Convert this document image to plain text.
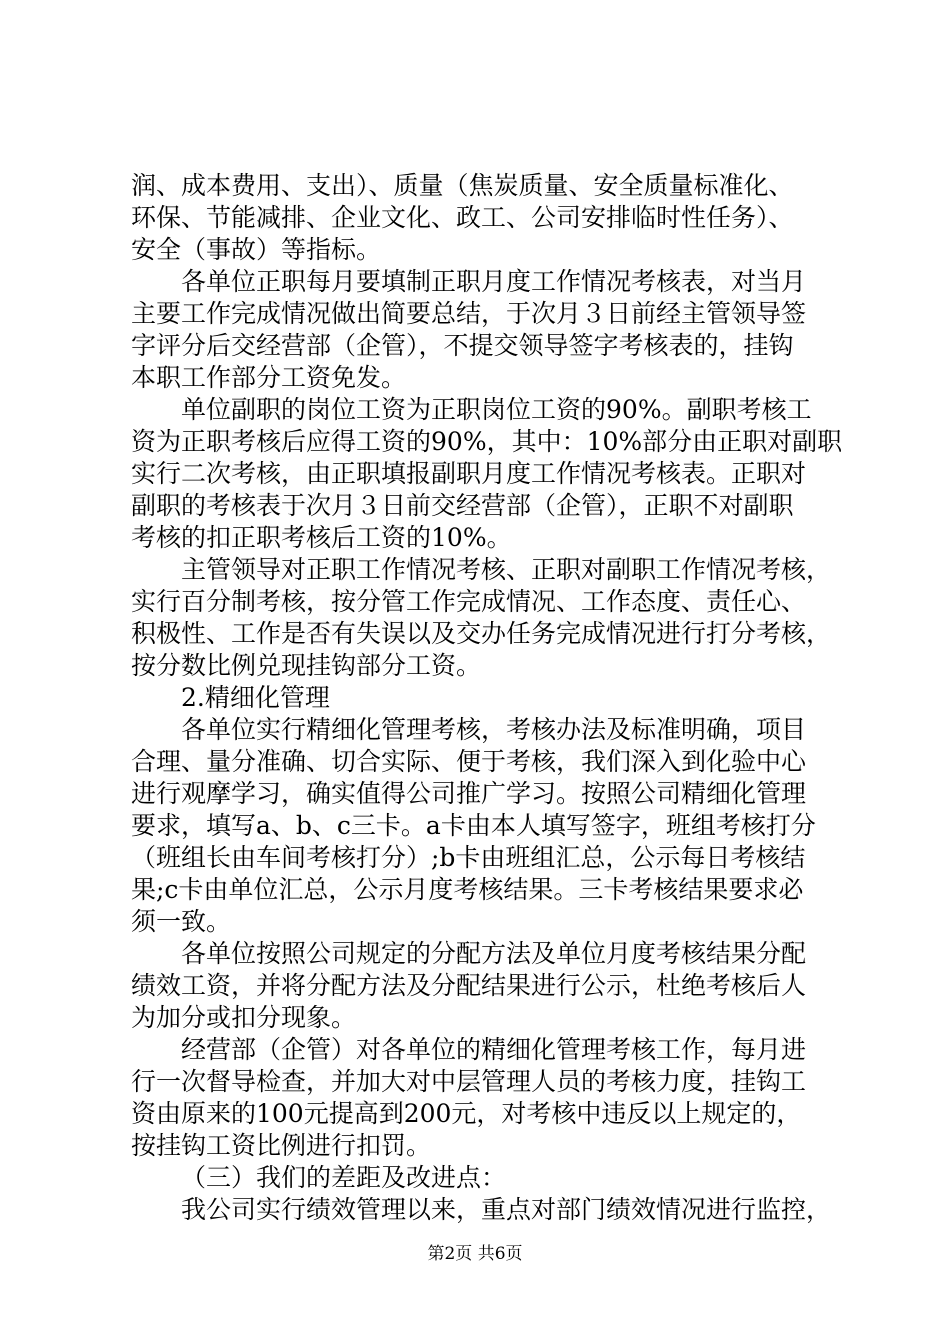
润、成本费用、支出）、质量（焦炭质量、安全质量标准化、
环保、节能减排、企业文化、政工、公司安排临时性任务）、
安全（事故）等指标。
各单位正职每月要填制正职月度工作情况考核表，对当月
主要工作完成情况做出简要总结，于次月３日前经主管领导签
字评分后交经营部（企管），不提交领导签字考核表的，挂钩
本职工作部分工资免发。
单位副职的岗位工资为正职岗位工资的90%。副职考核工
资为正职考核后应得工资的90%，其中：10%部分由正职对副职
实行二次考核，由正职填报副职月度工作情况考核表。正职对
副职的考核表于次月３日前交经营部（企管），正职不对副职
考核的扣正职考核后工资的10%。
主管领导对正职工作情况考核、正职对副职工作情况考核，
实行百分制考核，按分管工作完成情况、工作态度、责任心、
积极性、工作是否有失误以及交办任务完成情况进行打分考核，
按分数比例兑现挂钩部分工资。
2.精细化管理
各单位实行精细化管理考核，考核办法及标准明确，项目
合理、量分准确、切合实际、便于考核，我们深入到化验中心
进行观摩学习，确实值得公司推广学习。按照公司精细化管理
要求，填写a、b、c三卡。a卡由本人填写签字，班组考核打分
（班组长由车间考核打分）;b卡由班组汇总，公示每日考核结
果;c卡由单位汇总，公示月度考核结果。三卡考核结果要求必
须一致。
各单位按照公司规定的分配方法及单位月度考核结果分配
绩效工资，并将分配方法及分配结果进行公示，杜绝考核后人
为加分或扣分现象。
经营部（企管）对各单位的精细化管理考核工作，每月进
行一次督导检查，并加大对中层管理人员的考核力度，挂钩工
资由原来的100元提高到200元，对考核中违反以上规定的，
按挂钩工资比例进行扣罚。
（三）我们的差距及改进点：
我公司实行绩效管理以来，重点对部门绩效情况进行监控，
第2页 共6页
